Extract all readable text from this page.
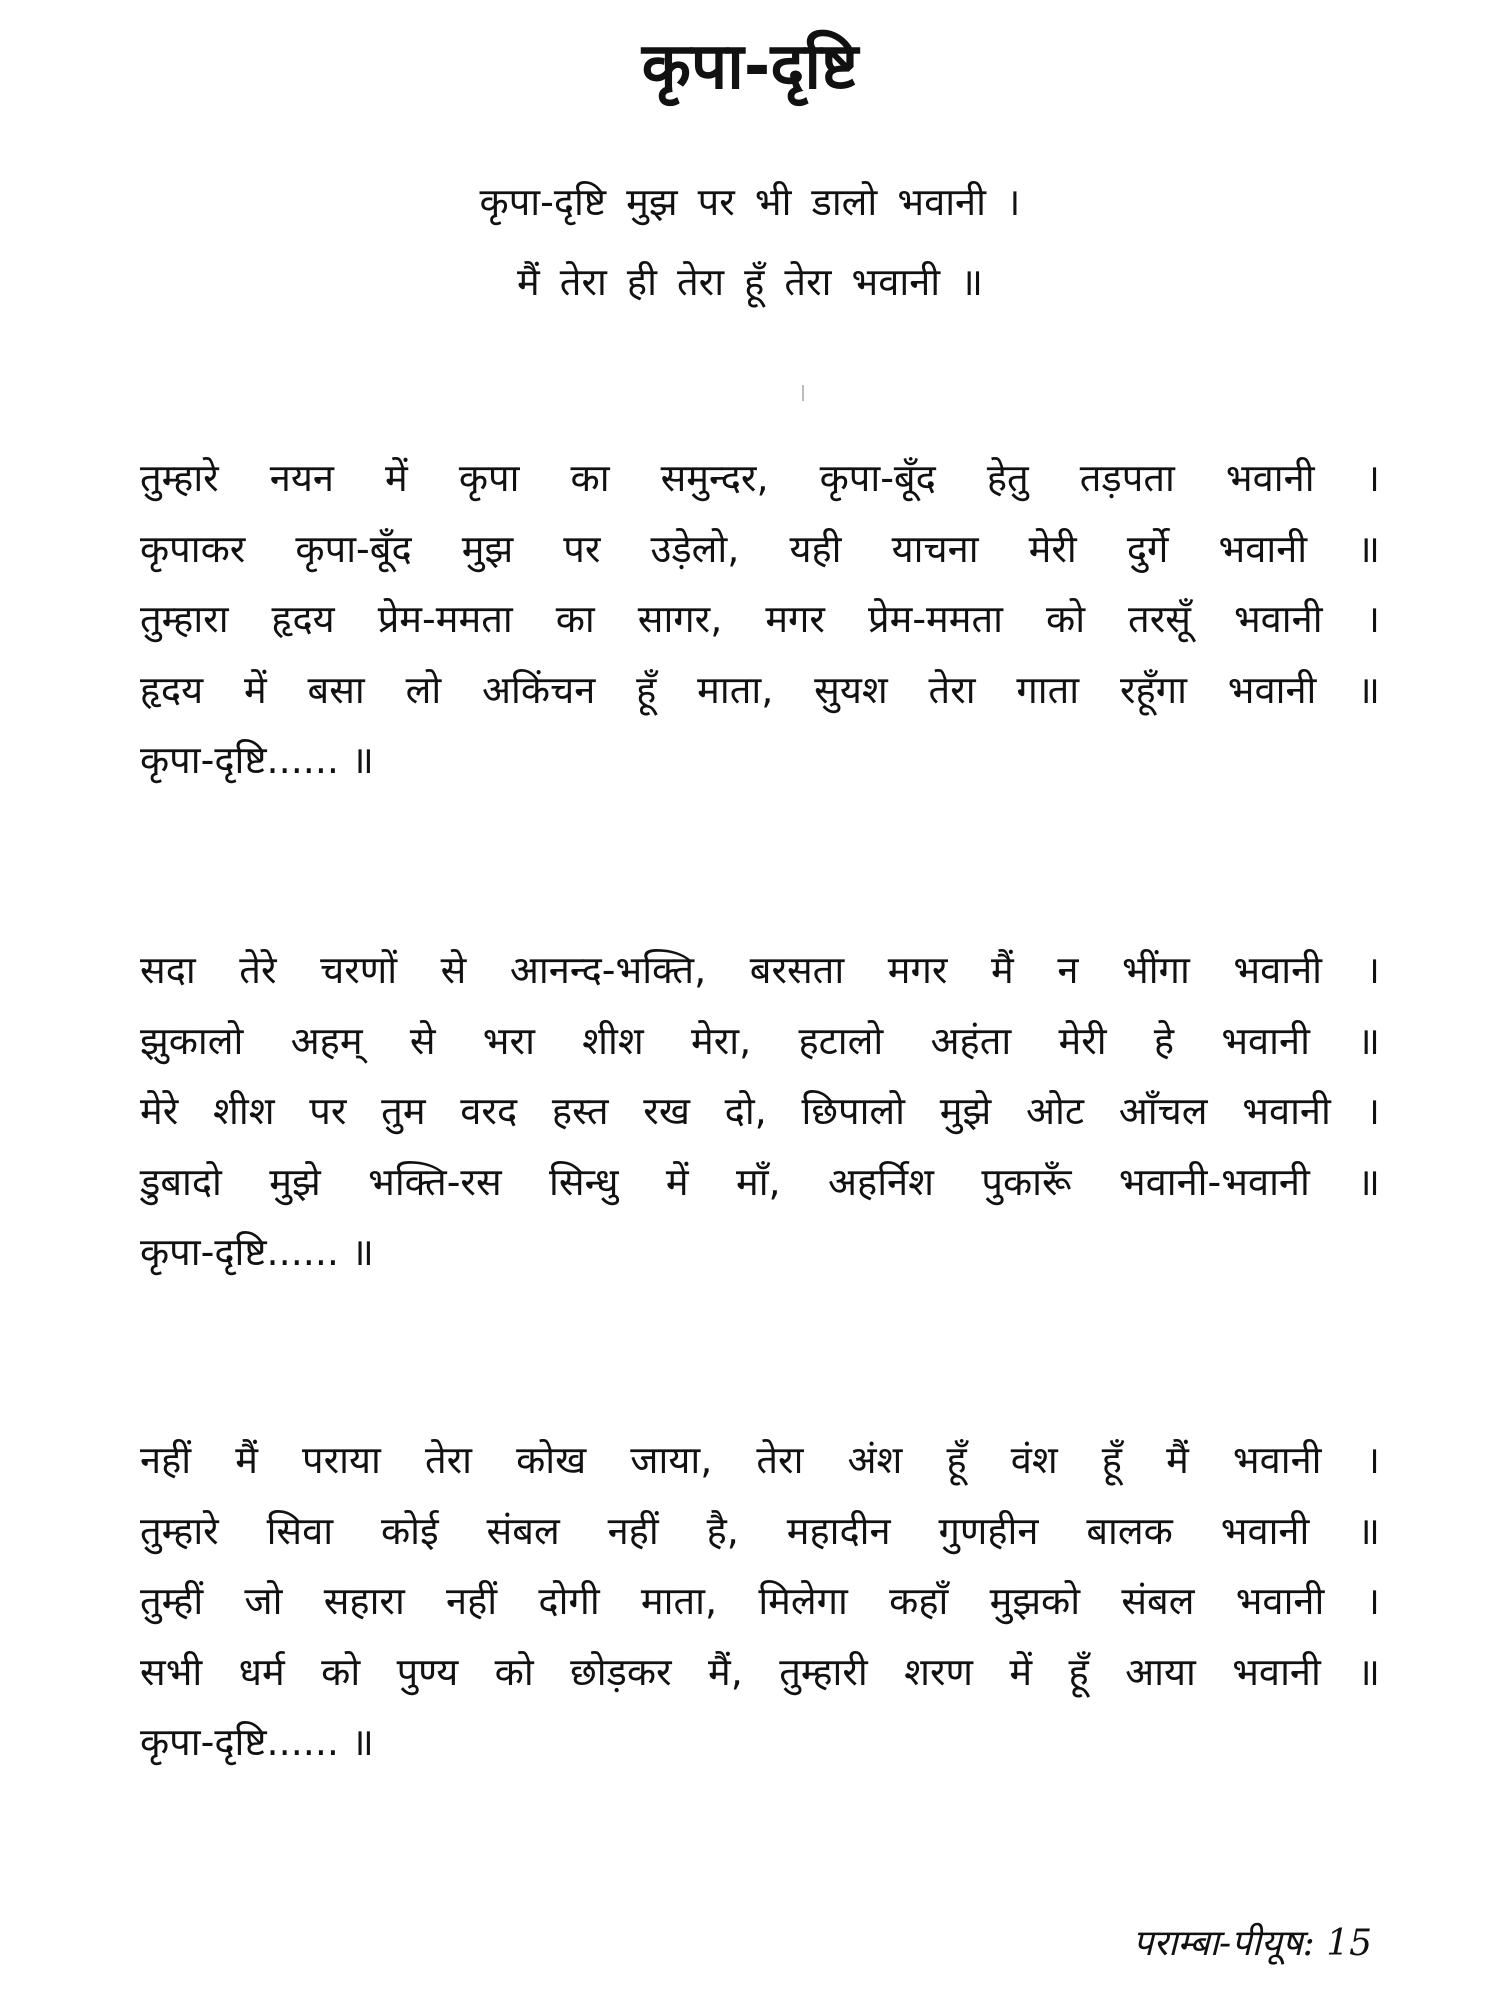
कृपा-दृष्टि
कृपा-दृष्टि मुझ पर भी डालो भवानी ।
मैं तेरा ही तेरा हूँ तेरा भवानी ॥
तुम्हारे नयन में कृपा का समुन्दर, कृपा-बूँद हेतु तड़पता भवानी ।
कृपाकर कृपा-बूँद मुझ पर उड़ेलो, यही याचना मेरी दुर्गे भवानी ॥
तुम्हारा हृदय प्रेम-ममता का सागर, मगर प्रेम-ममता को तरसूँ भवानी ।
हृदय में बसा लो अकिंचन हूँ माता, सुयश तेरा गाता रहूँगा भवानी ॥
कृपा-दृष्टि...... ॥
सदा तेरे चरणों से आनन्द-भक्ति, बरसता मगर मैं न भींगा भवानी ।
झुकालो अहम् से भरा शीश मेरा, हटालो अहंता मेरी हे भवानी ॥
मेरे शीश पर तुम वरद हस्त रख दो, छिपालो मुझे ओट आँचल भवानी ।
डुबादो मुझे भक्ति-रस सिन्धु में माँ, अहर्निश पुकारूँ भवानी-भवानी ॥
कृपा-दृष्टि...... ॥
नहीं मैं पराया तेरा कोख जाया, तेरा अंश हूँ वंश हूँ मैं भवानी ।
तुम्हारे सिवा कोई संबल नहीं है, महादीन गुणहीन बालक भवानी ॥
तुम्हीं जो सहारा नहीं दोगी माता, मिलेगा कहाँ मुझको संबल भवानी ।
सभी धर्म को पुण्य को छोड़कर मैं, तुम्हारी शरण में हूँ आया भवानी ॥
कृपा-दृष्टि...... ॥
पराम्बा-पीयूष: 15
